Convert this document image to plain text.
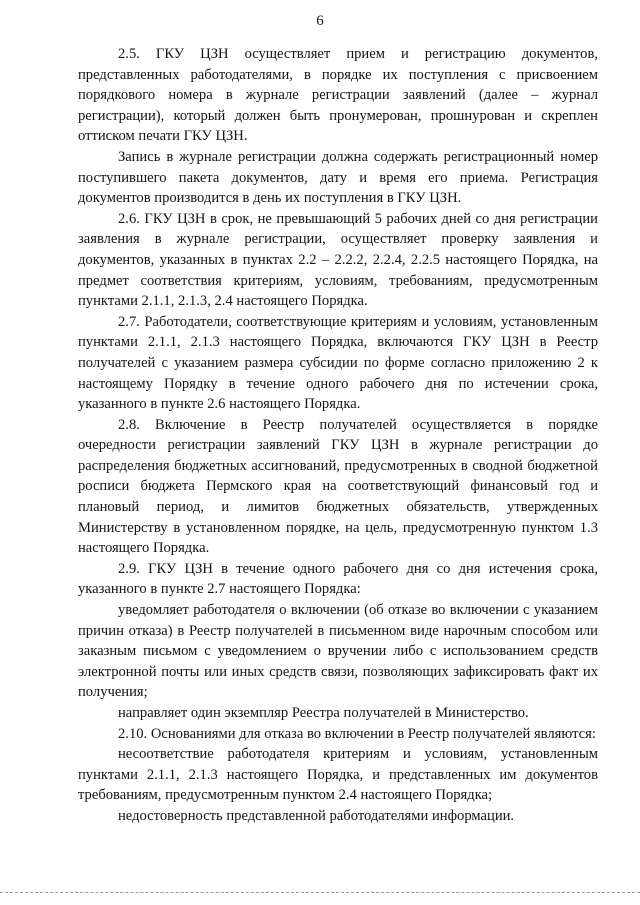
6

2.5. ГКУ ЦЗН осуществляет прием и регистрацию документов, представленных работодателями, в порядке их поступления с присвоением порядкового номера в журнале регистрации заявлений (далее – журнал регистрации), который должен быть пронумерован, прошнурован и скреплен оттиском печати ГКУ ЦЗН.

Запись в журнале регистрации должна содержать регистрационный номер поступившего пакета документов, дату и время его приема. Регистрация документов производится в день их поступления в ГКУ ЦЗН.

2.6. ГКУ ЦЗН в срок, не превышающий 5 рабочих дней со дня регистрации заявления в журнале регистрации, осуществляет проверку заявления и документов, указанных в пунктах 2.2 – 2.2.2, 2.2.4, 2.2.5 настоящего Порядка, на предмет соответствия критериям, условиям, требованиям, предусмотренным пунктами 2.1.1, 2.1.3, 2.4 настоящего Порядка.

2.7. Работодатели, соответствующие критериям и условиям, установленным пунктами 2.1.1, 2.1.3 настоящего Порядка, включаются ГКУ ЦЗН в Реестр получателей с указанием размера субсидии по форме согласно приложению 2 к настоящему Порядку в течение одного рабочего дня по истечении срока, указанного в пункте 2.6 настоящего Порядка.

2.8. Включение в Реестр получателей осуществляется в порядке очередности регистрации заявлений ГКУ ЦЗН в журнале регистрации до распределения бюджетных ассигнований, предусмотренных в сводной бюджетной росписи бюджета Пермского края на соответствующий финансовый год и плановый период, и лимитов бюджетных обязательств, утвержденных Министерству в установленном порядке, на цель, предусмотренную пунктом 1.3 настоящего Порядка.

2.9. ГКУ ЦЗН в течение одного рабочего дня со дня истечения срока, указанного в пункте 2.7 настоящего Порядка:

уведомляет работодателя о включении (об отказе во включении с указанием причин отказа) в Реестр получателей в письменном виде нарочным способом или заказным письмом с уведомлением о вручении либо с использованием средств электронной почты или иных средств связи, позволяющих зафиксировать факт их получения;

направляет один экземпляр Реестра получателей в Министерство.

2.10. Основаниями для отказа во включении в Реестр получателей являются:

несоответствие работодателя критериям и условиям, установленным пунктами 2.1.1, 2.1.3 настоящего Порядка, и представленных им документов требованиям, предусмотренным пунктом 2.4 настоящего Порядка;

недостоверность представленной работодателями информации.
